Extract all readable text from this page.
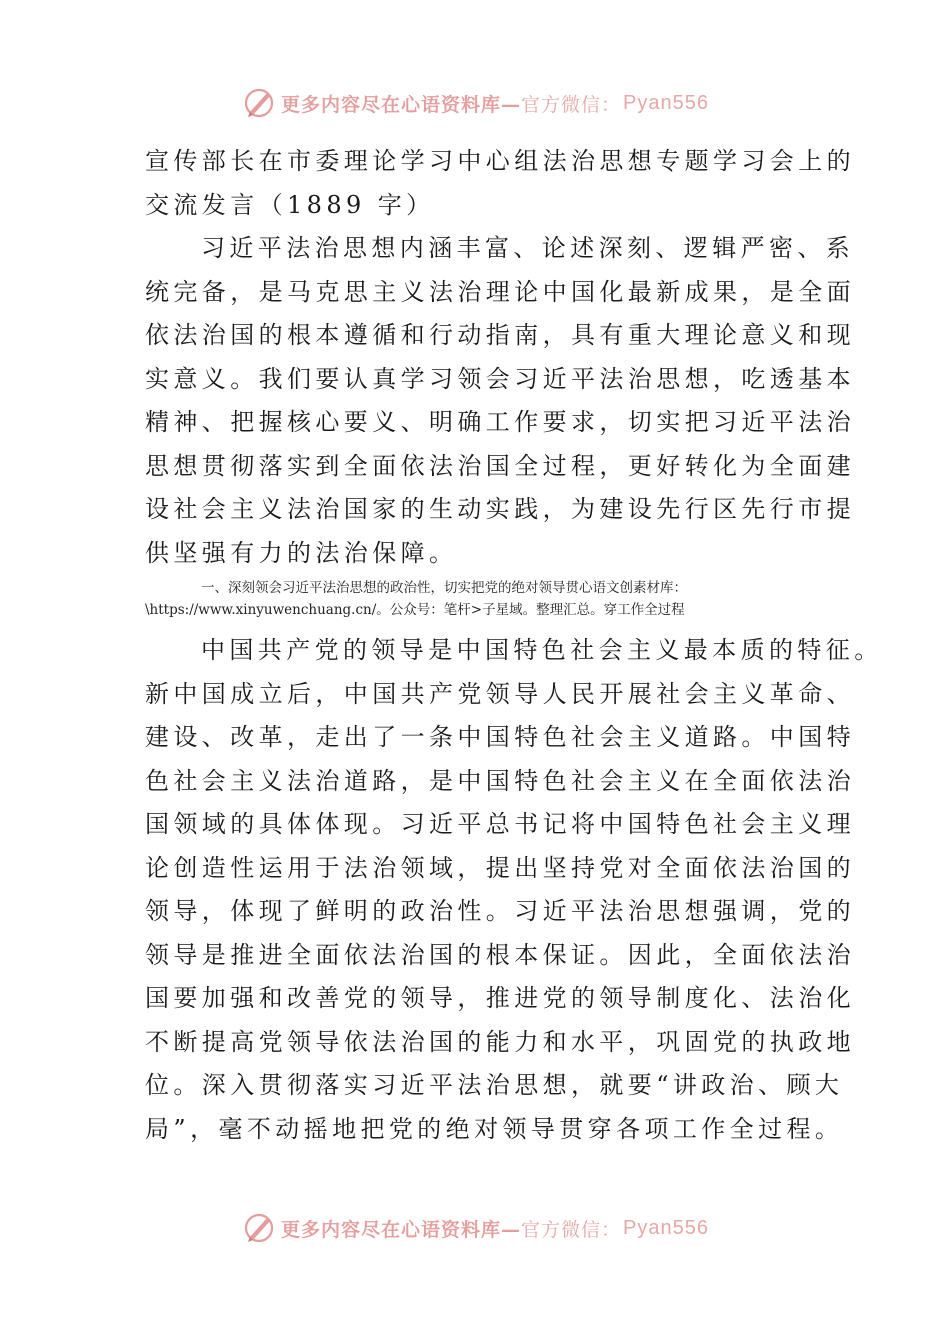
更多内容尽在心语资料库— 官方微信： Pyan556
宣传部长在市委理论学习中心组法治思想专题学习会上的
交流发言（1889 字）
习近平法治思想内涵丰富、论述深刻、逻辑严密、系
统完备，是马克思主义法治理论中国化最新成果，是全面
依法治国的根本遵循和行动指南，具有重大理论意义和现
实意义。我们要认真学习领会习近平法治思想，吃透基本
精神、把握核心要义、明确工作要求，切实把习近平法治
思想贯彻落实到全面依法治国全过程，更好转化为全面建
设社会主义法治国家的生动实践，为建设先行区先行市提
供坚强有力的法治保障。
一、深刻领会习近平法治思想的政治性，切实把党的绝对领导贯心语文创素材库：
\https://www.xinyuwenchuang.cn/。公众号：笔杆>子星域。整理汇总。穿工作全过程
中国共产党的领导是中国特色社会主义最本质的特征。
新中国成立后，中国共产党领导人民开展社会主义革命、
建设、改革，走出了一条中国特色社会主义道路。中国特
色社会主义法治道路，是中国特色社会主义在全面依法治
国领域的具体体现。习近平总书记将中国特色社会主义理
论创造性运用于法治领域，提出坚持党对全面依法治国的
领导，体现了鲜明的政治性。习近平法治思想强调，党的
领导是推进全面依法治国的根本保证。因此，全面依法治
国要加强和改善党的领导，推进党的领导制度化、法治化
不断提高党领导依法治国的能力和水平，巩固党的执政地
位。深入贯彻落实习近平法治思想，就要“讲政治、顾大
局”，毫不动摇地把党的绝对领导贯穿各项工作全过程。
更多内容尽在心语资料库— 官方微信： Pyan556
